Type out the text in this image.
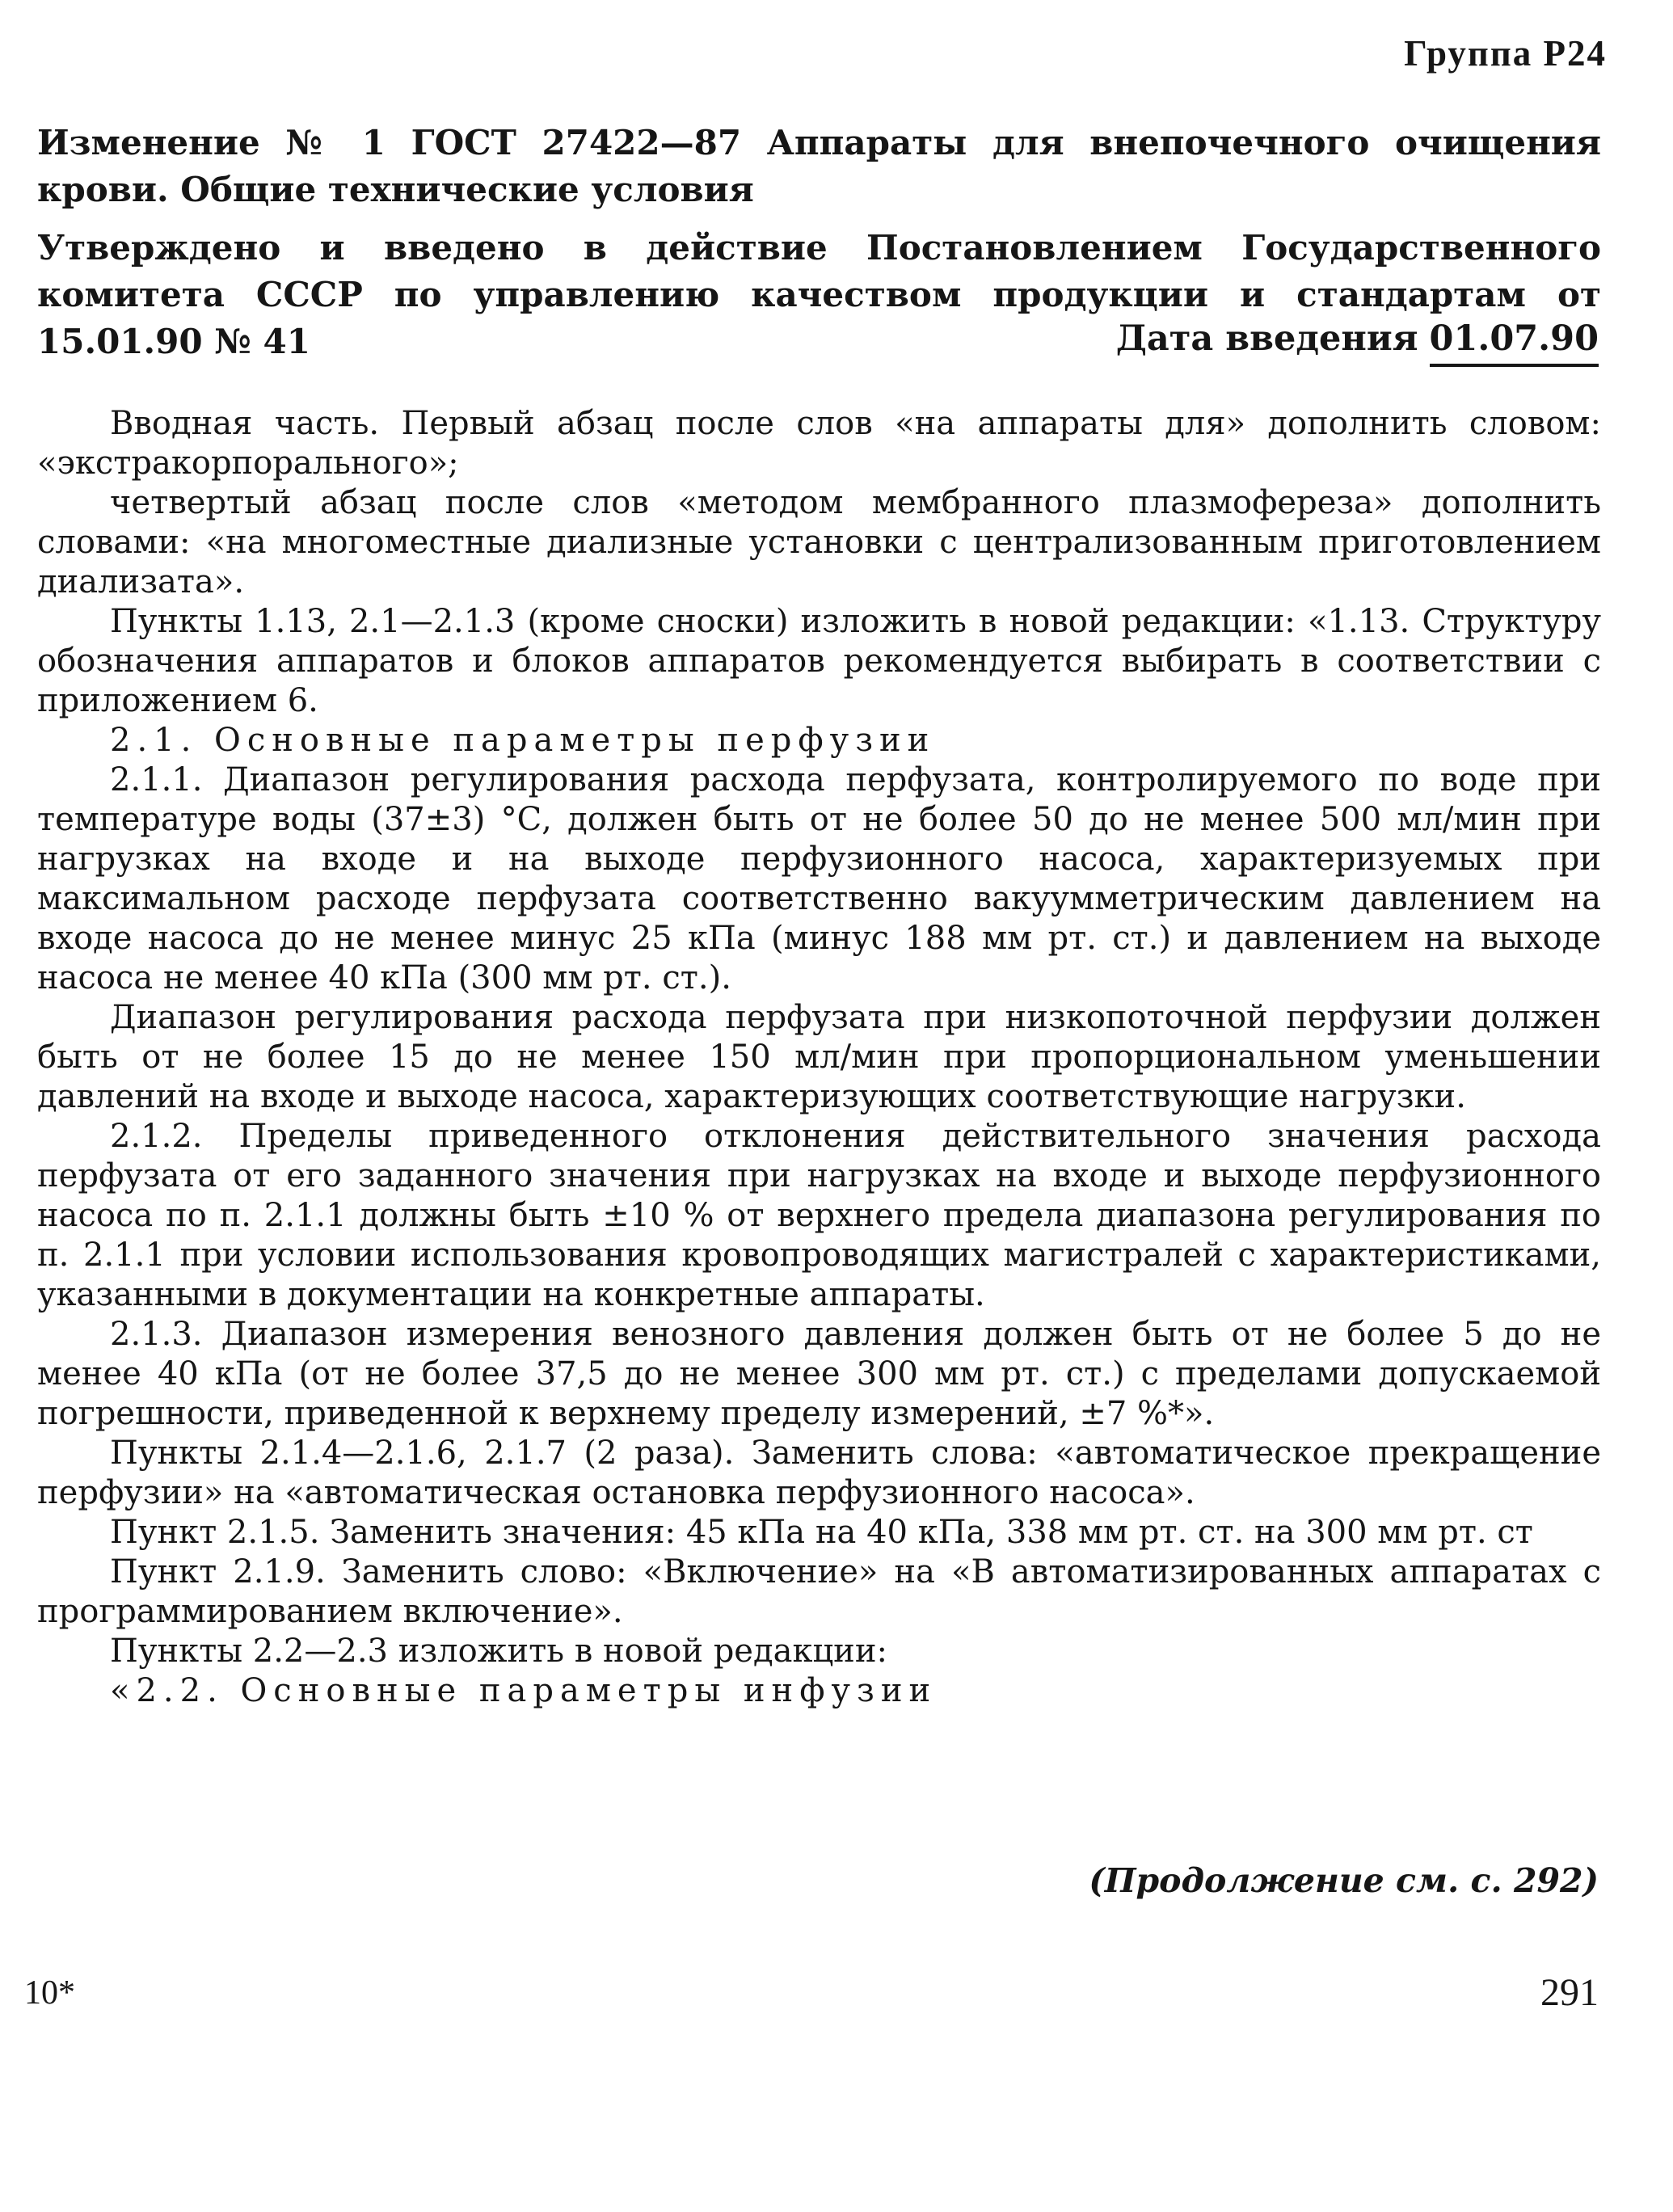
Группа Р24
Изменение № 1 ГОСТ 27422—87 Аппараты для внепочечного очищения крови. Общие технические условия
Утверждено и введено в действие Постановлением Государственного комитета СССР по управлению качеством продукции и стандартам от 15.01.90 № 41	Дата введения 01.07.90

Вводная часть. Первый абзац после слов «на аппараты для» дополнить словом: «экстракорпорального»;

четвертый абзац после слов «методом мембранного плазмофереза» дополнить словами: «на многоместные диализные установки с централизованным приготовлением диализата».

Пункты 1.13, 2.1—2.1.3 (кроме сноски) изложить в новой редакции: «1.13. Структуру обозначения аппаратов и блоков аппаратов рекомендуется выбирать в соответствии с приложением 6.

2.1. Основные параметры перфузии

2.1.1. Диапазон регулирования расхода перфузата, контролируемого по воде при температуре воды (37±3) °С, должен быть от не более 50 до не менее 500 мл/мин при нагрузках на входе и на выходе перфузионного насоса, характеризуемых при максимальном расходе перфузата соответственно вакуумметрическим давлением на входе насоса до не менее минус 25 кПа (минус 188 мм рт. ст.) и давлением на выходе насоса не менее 40 кПа (300 мм рт. ст.).

Диапазон регулирования расхода перфузата при низкопоточной перфузии должен быть от не более 15 до не менее 150 мл/мин при пропорциональном уменьшении давлений на входе и выходе насоса, характеризующих соответствующие нагрузки.

2.1.2. Пределы приведенного отклонения действительного значения расхода перфузата от его заданного значения при нагрузках на входе и выходе перфузионного насоса по п. 2.1.1 должны быть ±10 % от верхнего предела диапазона регулирования по п. 2.1.1 при условии использования кровопроводящих магистралей с характеристиками, указанными в документации на конкретные аппараты.

2.1.3. Диапазон измерения венозного давления должен быть от не более 5 до не менее 40 кПа (от не более 37,5 до не менее 300 мм рт. ст.) с пределами допускаемой погрешности, приведенной к верхнему пределу измерений, ±7 %*».

Пункты 2.1.4—2.1.6, 2.1.7 (2 раза). Заменить слова: «автоматическое прекращение перфузии» на «автоматическая остановка перфузионного насоса».

Пункт 2.1.5. Заменить значения: 45 кПа на 40 кПа, 338 мм рт. ст. на 300 мм рт. ст

Пункт 2.1.9. Заменить слово: «Включение» на «В автоматизированных аппаратах с программированием включение».

Пункты 2.2—2.3 изложить в новой редакции:

«2.2. Основные параметры инфузии

(Продолжение см. с. 292)
10*	291
